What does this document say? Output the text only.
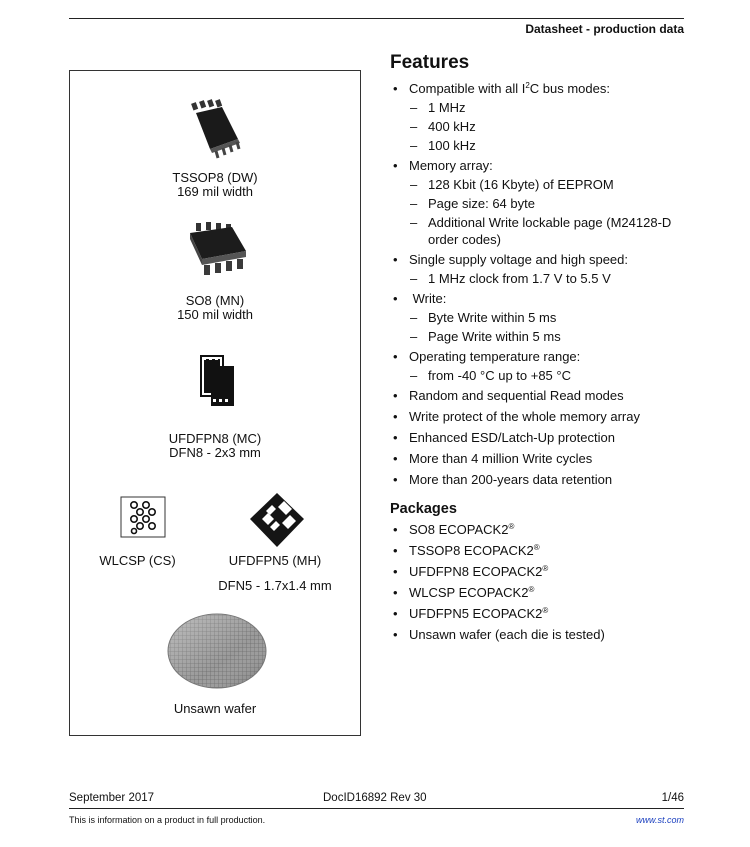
Datasheet - production data
TSSOP8 (DW)
169 mil width
SO8 (MN)
150 mil width
UFDFPN8 (MC)
DFN8 - 2x3 mm
WLCSP (CS)	UFDFPN5 (MH)
DFN5 - 1.7x1.4 mm
Unsawn wafer
Features
• Compatible with all $I^2C$ bus modes:
– 1 MHz
– 400 kHz
– 100 kHz
• Memory array:
– 128 Kbit (16 Kbyte) of EEPROM
– Page size: 64 byte
– Additional Write lockable page (M24128-D order codes)
• Single supply voltage and high speed:
– 1 MHz clock from 1.7 V to 5.5 V
•  Write:
– Byte Write within 5 ms
– Page Write within 5 ms
• Operating temperature range:
– from -40 °C up to +85 °C
• Random and sequential Read modes
• Write protect of the whole memory array
• Enhanced ESD/Latch-Up protection
• More than 4 million Write cycles
• More than 200-years data retention
Packages
• SO8 ECOPACK2®
• TSSOP8 ECOPACK2®
• UFDFPN8 ECOPACK2®
• WLCSP ECOPACK2®
• UFDFPN5 ECOPACK2®
• Unsawn wafer (each die is tested)
September 2017	DocID16892 Rev 30	1/46
This is information on a product in full production.	www.st.com
